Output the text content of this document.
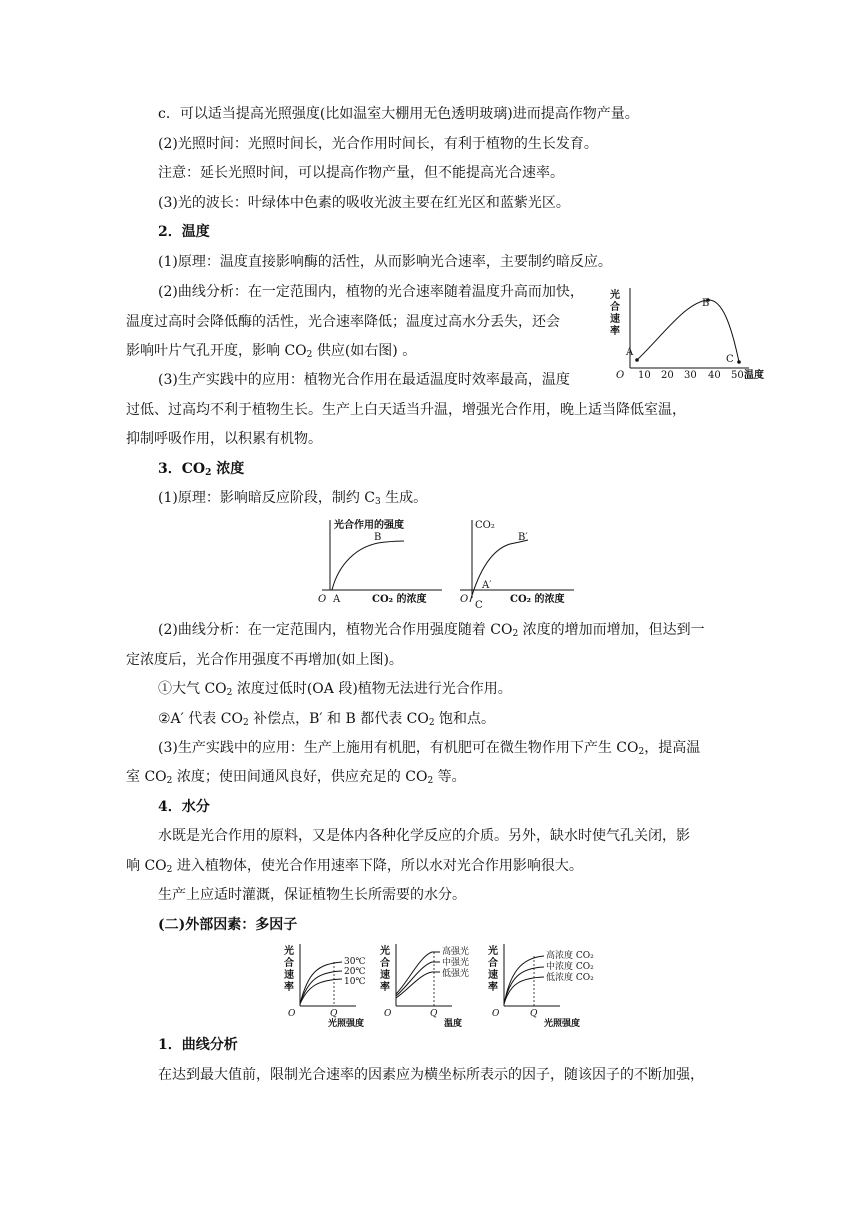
c．可以适当提高光照强度(比如温室大棚用无色透明玻璃)进而提高作物产量。
(2)光照时间：光照时间长，光合作用时间长，有利于植物的生长发育。
注意：延长光照时间，可以提高作物产量，但不能提高光合速率。
(3)光的波长：叶绿体中色素的吸收光波主要在红光区和蓝紫光区。
2．温度
(1)原理：温度直接影响酶的活性，从而影响光合速率，主要制约暗反应。
(2)曲线分析：在一定范围内，植物的光合速率随着温度升高而加快，
温度过高时会降低酶的活性，光合速率降低；温度过高水分丢失，还会
影响叶片气孔开度，影响 $CO_2$ 供应(如右图) 。
(3)生产实践中的应用：植物光合作用在最适温度时效率最高，温度
过低、过高均不利于植物生长。生产上白天适当升温，增强光合作用，晚上适当降低室温，
抑制呼吸作用，以积累有机物。
3．$CO_2$ 浓度
(1)原理：影响暗反应阶段，制约 $C_3$ 生成。
(2)曲线分析：在一定范围内，植物光合作用强度随着 $CO_2$ 浓度的增加而增加，但达到一
定浓度后，光合作用强度不再增加(如上图)。
①大气 $CO_2$ 浓度过低时(OA 段)植物无法进行光合作用。
②A′ 代表 $CO_2$ 补偿点，B′ 和 B 都代表 $CO_2$ 饱和点。
(3)生产实践中的应用：生产上施用有机肥，有机肥可在微生物作用下产生 $CO_2$，提高温
室 $CO_2$ 浓度；使田间通风良好，供应充足的 $CO_2$ 等。
4．水分
水既是光合作用的原料，又是体内各种化学反应的介质。另外，缺水时使气孔关闭，影
响 $CO_2$ 进入植物体，使光合作用速率下降，所以水对光合作用影响很大。
生产上应适时灌溉，保证植物生长所需要的水分。
(二)外部因素：多因子
1．曲线分析
在达到最大值前，限制光合速率的因素应为横坐标所表示的因子，随该因子的不断加强，
光
合
速
率
A
B
C
O 10 20 30 40 50 温度
光合作用的强度
B
O A	CO₂ 的浓度
CO₂
B′
A′
O
C
CO₂ 的浓度
光
合
速
率
30℃
20℃
10℃
O	Q
光照强度
光
合
速
率
高强光
中强光
低强光
O	Q
温度
光
合
速
率
高浓度 CO₂
中浓度 CO₂
低浓度 CO₂
O	Q
光照强度
